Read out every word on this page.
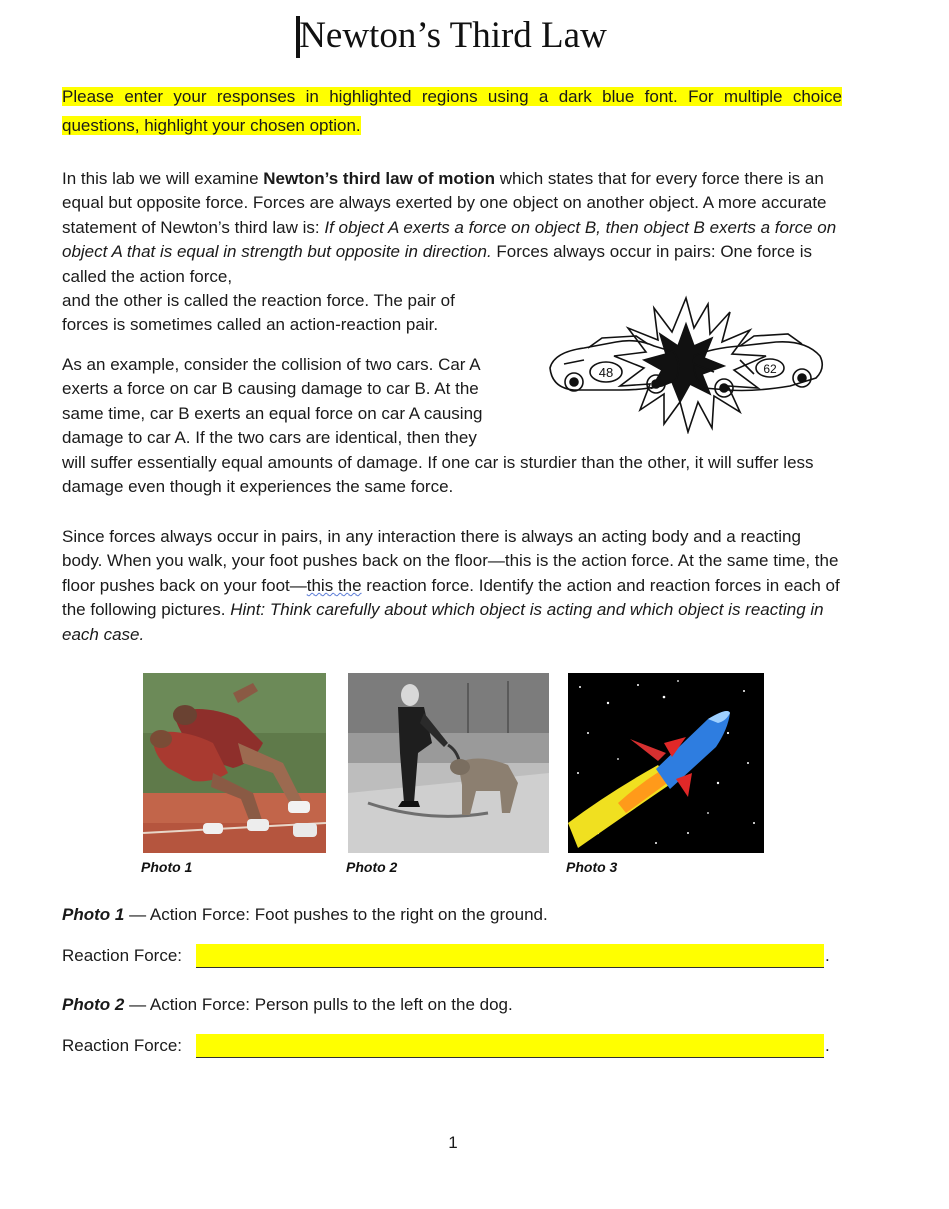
Newton’s Third Law
Please enter your responses in highlighted regions using a dark blue font. For multiple choice questions, highlight your chosen option.

In this lab we will examine Newton’s third law of motion which states that for every force there is an equal but opposite force. Forces are always exerted by one object on another object. A more accurate statement of Newton’s third law is: If object A exerts a force on object B, then object B exerts a force on object A that is equal in strength but opposite in direction. Forces always occur in pairs: One force is called the action force,
and the other is called the reaction force. The pair of
forces is sometimes called an action-reaction pair.

48	62

As an example, consider the collision of two cars. Car A
exerts a force on car B causing damage to car B. At the
same time, car B exerts an equal force on car A causing
damage to car A. If the two cars are identical, then they
will suffer essentially equal amounts of damage. If one car is sturdier than the other, it will suffer less damage even though it experiences the same force.

Since forces always occur in pairs, in any interaction there is always an acting body and a reacting body. When you walk, your foot pushes back on the floor—this is the action force. At the same time, the floor pushes back on your foot—this the reaction force. Identify the action and reaction forces in each of the following pictures. Hint: Think carefully about which object is acting and which object is reacting in each case.

Photo 1	Photo 2	Photo 3
Photo 1 — Action Force: Foot pushes to the right on the ground.
Reaction Force:	.
Photo 2 — Action Force: Person pulls to the left on the dog.
Reaction Force:	.
1
